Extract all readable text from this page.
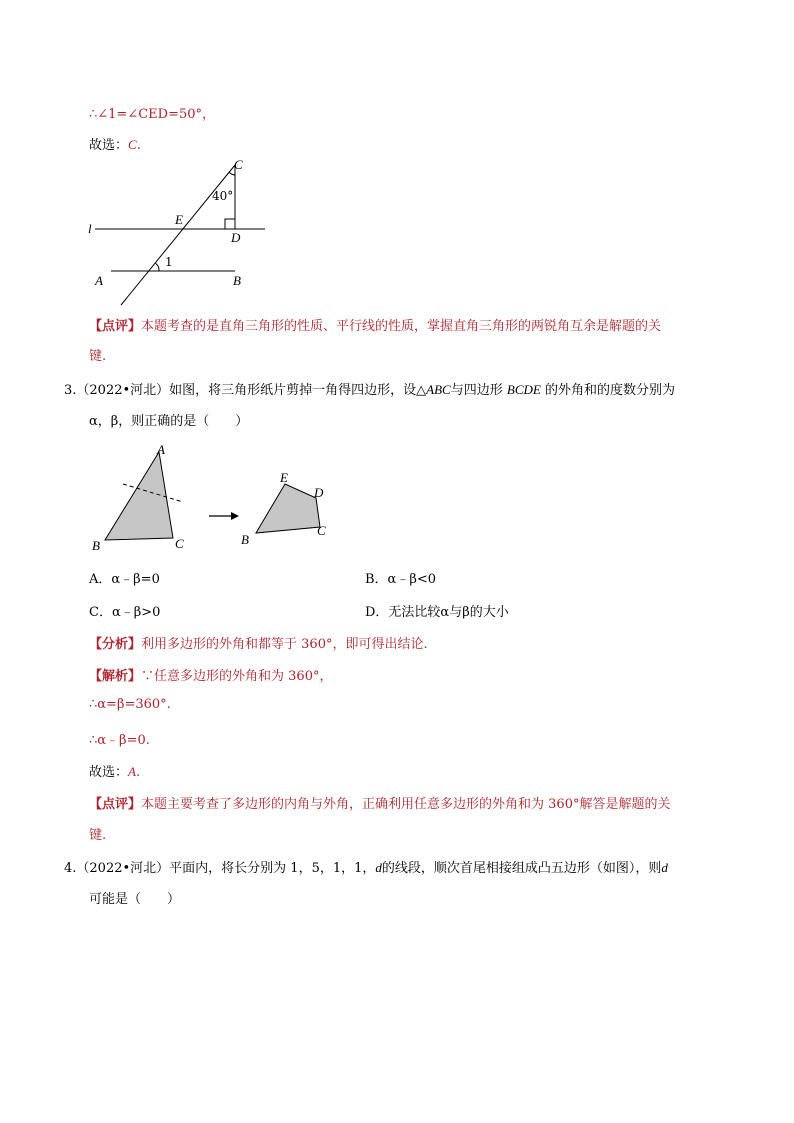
∴∠1=∠CED=50°，
故选：C.
C
40°
E
D
l
1
A	B
【点评】本题考查的是直角三角形的性质、平行线的性质，掌握直角三角形的两锐角互余是解题的关
键.
3.（2022•河北）如图，将三角形纸片剪掉一角得四边形，设△ABC与四边形 BCDE 的外角和的度数分别为
α，β，则正确的是（　　）
A
B	C
E
D
B
C
A．α﹣β=0	B．α﹣β<0
C．α﹣β>0	D．无法比较α与β的大小
【分析】利用多边形的外角和都等于 360°，即可得出结论.
【解析】∵任意多边形的外角和为 360°，
∴α=β=360°.
∴α﹣β=0.
故选：A.
【点评】本题主要考查了多边形的内角与外角，正确利用任意多边形的外角和为 360°解答是解题的关
键.
4.（2022•河北）平面内，将长分别为 1，5，1，1，d的线段，顺次首尾相接组成凸五边形（如图），则d
可能是（　　）
